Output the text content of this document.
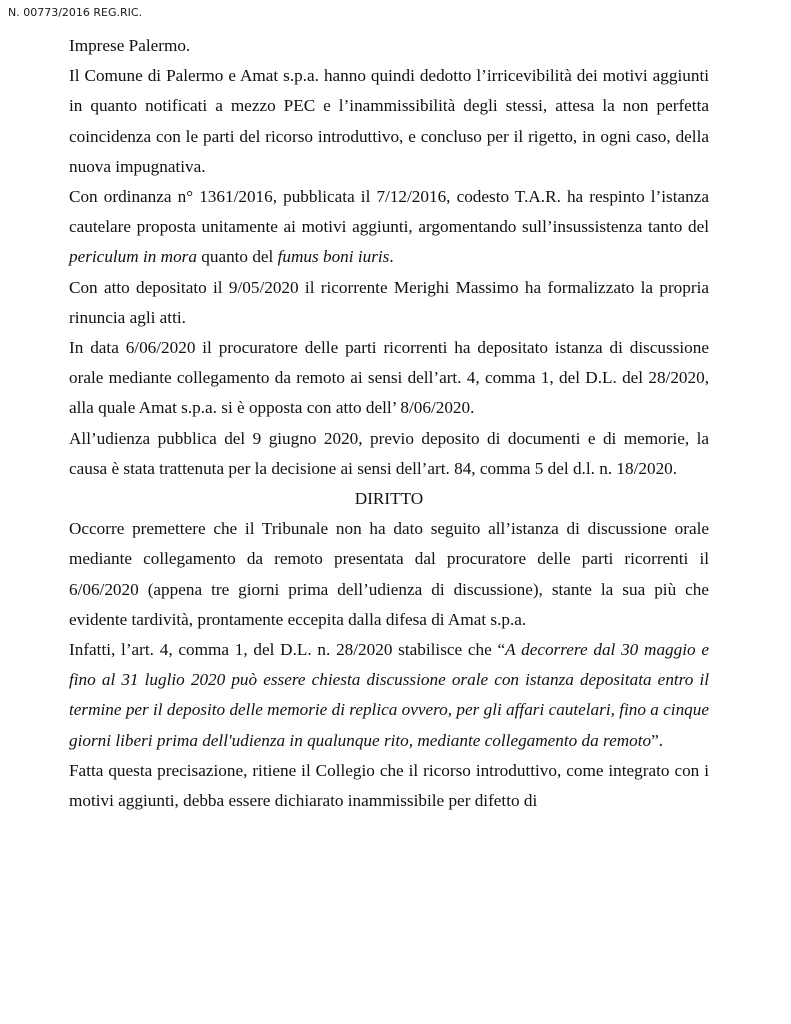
N. 00773/2016 REG.RIC.

Imprese Palermo.

Il Comune di Palermo e Amat s.p.a. hanno quindi dedotto l’irricevibilità dei motivi aggiunti in quanto notificati a mezzo PEC e l’inammissibilità degli stessi, attesa la non perfetta coincidenza con le parti del ricorso introduttivo, e concluso per il rigetto, in ogni caso, della nuova impugnativa.

Con ordinanza n° 1361/2016, pubblicata il 7/12/2016, codesto T.A.R. ha respinto l’istanza cautelare proposta unitamente ai motivi aggiunti, argomentando sull’insussistenza tanto del periculum in mora quanto del fumus boni iuris.

Con atto depositato il 9/05/2020 il ricorrente Merighi Massimo ha formalizzato la propria rinuncia agli atti.

In data 6/06/2020 il procuratore delle parti ricorrenti ha depositato istanza di discussione orale mediante collegamento da remoto ai sensi dell’art. 4, comma 1, del D.L. del 28/2020, alla quale Amat s.p.a. si è opposta con atto dell’ 8/06/2020.

All’udienza pubblica del 9 giugno 2020, previo deposito di documenti e di memorie, la causa è stata trattenuta per la decisione ai sensi dell’art. 84, comma 5 del d.l. n. 18/2020.

DIRITTO

Occorre premettere che il Tribunale non ha dato seguito all’istanza di discussione orale mediante collegamento da remoto presentata dal procuratore delle parti ricorrenti il 6/06/2020 (appena tre giorni prima dell’udienza di discussione), stante la sua più che evidente tardività, prontamente eccepita dalla difesa di Amat s.p.a.

Infatti, l’art. 4, comma 1, del D.L. n. 28/2020 stabilisce che “A decorrere dal 30 maggio e fino al 31 luglio 2020 può essere chiesta discussione orale con istanza depositata entro il termine per il deposito delle memorie di replica ovvero, per gli affari cautelari, fino a cinque giorni liberi prima dell'udienza in qualunque rito, mediante collegamento da remoto”.

Fatta questa precisazione, ritiene il Collegio che il ricorso introduttivo, come integrato con i motivi aggiunti, debba essere dichiarato inammissibile per difetto di
